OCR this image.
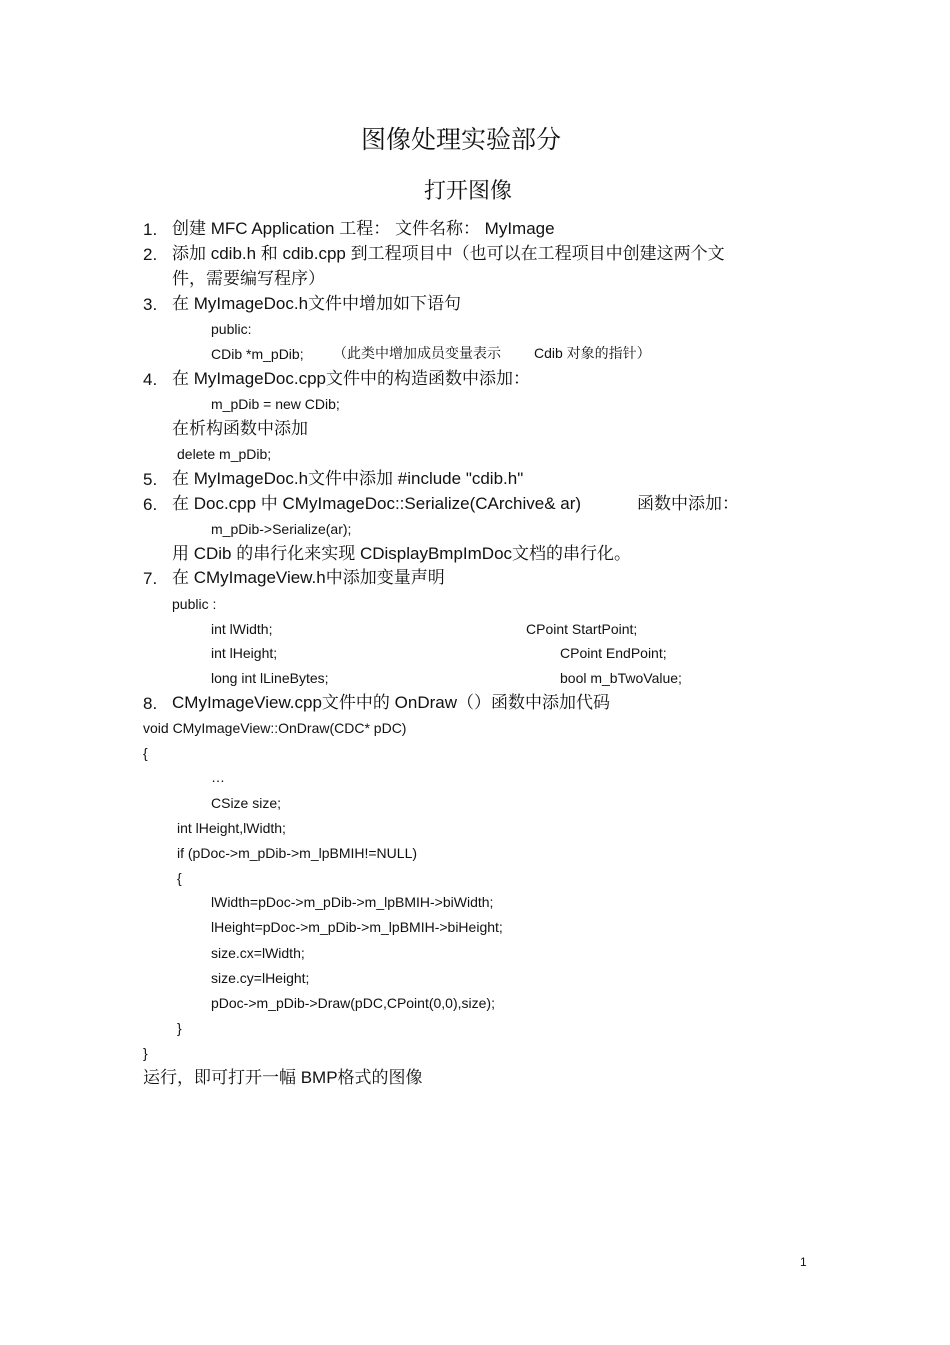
图像处理实验部分
打开图像
1. 创建 MFC Application 工程： 文件名称： MyImage
2. 添加 cdib.h 和 cdib.cpp 到工程项目中（也可以在工程项目中创建这两个文
件，需要编写程序）
3. 在 MyImageDoc.h文件中增加如下语句
public:
CDib *m_pDib; （此类中增加成员变量表示 Cdib 对象的指针）
4. 在 MyImageDoc.cpp文件中的构造函数中添加：
m_pDib = new CDib;
在析构函数中添加
delete m_pDib;
5. 在 MyImageDoc.h文件中添加 #include "cdib.h"
6. 在 Doc.cpp 中 CMyImageDoc::Serialize(CArchive& ar)	函数中添加：
m_pDib->Serialize(ar);
用 CDib 的串行化来实现 CDisplayBmpImDoc文档的串行化。
7. 在 CMyImageView.h中添加变量声明
public :
int lWidth;	CPoint StartPoint;
int lHeight;	CPoint EndPoint;
long int lLineBytes;	bool m_bTwoValue;
8. CMyImageView.cpp文件中的 OnDraw（）函数中添加代码
void CMyImageView::OnDraw(CDC* pDC)
{
…
CSize size;
int lHeight,lWidth;
if (pDoc->m_pDib->m_lpBMIH!=NULL)
{
lWidth=pDoc->m_pDib->m_lpBMIH->biWidth;
lHeight=pDoc->m_pDib->m_lpBMIH->biHeight;
size.cx=lWidth;
size.cy=lHeight;
pDoc->m_pDib->Draw(pDC,CPoint(0,0),size);
}
}
运行，即可打开一幅 BMP格式的图像
1
